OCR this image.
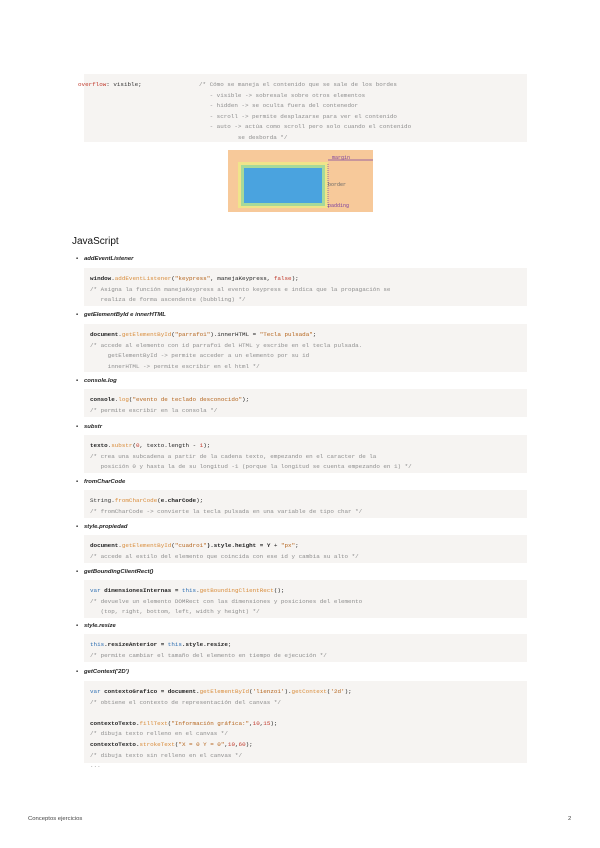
overflow: visible;	/* Cómo se maneja el contenido que se sale de los bordes
- visible -> sobresale sobre otros elementos
- hidden -> se oculta fuera del contenedor
- scroll -> permite desplazarse para ver el contenido
- auto -> actúa como scroll pero solo cuando el contenido
se desborda */

margin
border
padding
JavaScript
• addEventListener
window.addEventListener("keypress", manejaKeypress, false);
/* Asigna la función manejaKeypress al evento keypress e indica que la propagación se
realiza de forma ascendente (bubbling) */
• getElementById e innerHTML
document.getElementById("parrafo1").innerHTML = "Tecla pulsada";
/* accede al elemento con id parrafo1 del HTML y escribe en el tecla pulsada.
getElementById -> permite acceder a un elemento por su id
innerHTML -> permite escribir en el html */
• console.log
console.log("evento de teclado desconocido");
/* permite escribir en la consola */
• substr
texto.substr(0, texto.length - 1);
/* crea una subcadena a partir de la cadena texto, empezando en el caracter de la
posición 0 y hasta la de su longitud -1 (porque la longitud se cuenta empezando en 1) */
• fromCharCode
String.fromCharCode(e.charCode);
/* fromCharCode -> convierte la tecla pulsada en una variable de tipo char */
• style.propiedad
document.getElementById("cuadro1").style.height = Y + "px";
/* accede al estilo del elemento que coincida con ese id y cambia su alto */
• getBoundingClientRect()
var dimensionesInternas = this.getBoundingClientRect();
/* devuelve un elemento DOMRect con las dimensiones y posiciones del elemento
(top, right, bottom, left, width y height) */
• style.resize
this.resizeAnterior = this.style.resize;
/* permite cambiar el tamaño del elemento en tiempo de ejecución */
• getContext('2D')
var contextoGrafico = document.getElementById('lienzo1').getContext('2d');
/* obtiene el contexto de representación del canvas */

contextoTexto.fillText("Información gráfica:",10,15);
/* dibuja texto relleno en el canvas */
contextoTexto.strokeText("X = 0 Y = 0",10,60);
/* dibuja texto sin relleno en el canvas */
...
Conceptos ejercicios	2
